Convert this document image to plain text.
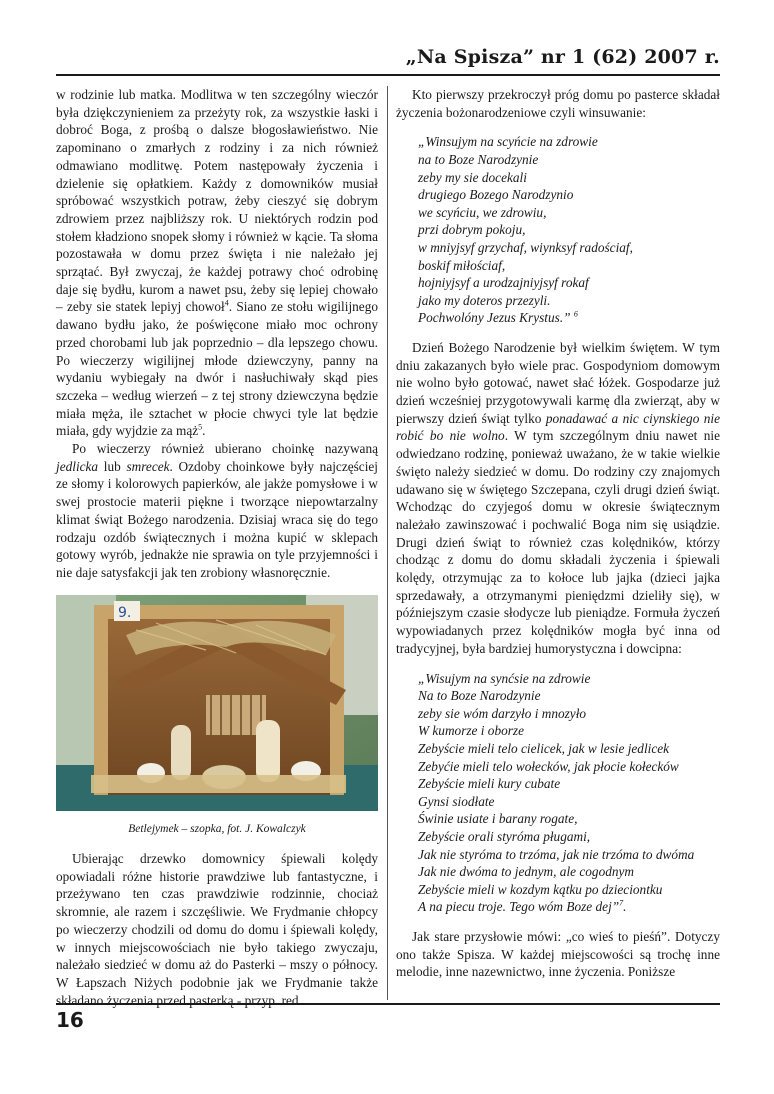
„Na Spisza” nr 1 (62) 2007 r.

w rodzinie lub matka. Modlitwa w ten szczególny wieczór była dziękczynieniem za przeżyty rok, za wszystkie łaski i dobroć Boga, z prośbą o dalsze błogosławieństwo. Nie zapominano o zmarłych z rodziny i za nich również odmawiano modlitwę. Potem następowały życzenia i dzielenie się opłatkiem. Każdy z domowników musiał spróbować wszystkich potraw, żeby cieszyć się dobrym zdrowiem przez najbliższy rok. U niektórych rodzin pod stołem kładziono snopek słomy i również w kącie. Ta słoma pozostawała w domu przez święta i nie należało jej sprzątać. Był zwyczaj, że każdej potrawy choć odrobinę daje się bydłu, kurom a nawet psu, żeby się lepiej chowało – zeby sie statek lepiyj chowoł$^4$. Siano ze stołu wigilijnego dawano bydłu jako, że poświęcone miało moc ochrony przed chorobami lub jak poprzednio – dla lepszego chowu. Po wieczerzy wigilijnej młode dziewczyny, panny na wydaniu wybiegały na dwór i nasłuchiwały skąd pies szczeka – według wierzeń – z tej strony dziewczyna będzie miała męża, ile sztachet w płocie chwyci tyle lat będzie miała, gdy wyjdzie za mąż$^5$.

Po wieczerzy również ubierano choinkę nazywaną jedlicka lub smrecek. Ozdoby choinkowe były najczęściej ze słomy i kolorowych papierków, ale jakże pomysłowe i w swej prostocie materii piękne i tworzące niepowtarzalny klimat świąt Bożego narodzenia. Dzisiaj wraca się do tego rodzaju ozdób świątecznych i można kupić w sklepach gotowy wyrób, jednakże nie sprawia on tyle przyjemności i nie daje satysfakcji jak ten zrobiony własnoręcznie.

9.
Betlejymek – szopka, fot. J. Kowalczyk

Ubierając drzewko domownicy śpiewali kolędy opowiadali różne historie prawdziwe lub fantastyczne, i przeżywano ten czas prawdziwie rodzinnie, chociaż skromnie, ale razem i szczęśliwie. We Frydmanie chłopcy po wieczerzy chodzili od domu do domu i śpiewali kolędy, w innych miejscowościach nie było takiego zwyczaju, należało siedzieć w domu aż do Pasterki – mszy o północy. W Łapszach Niżych podobnie jak we Frydmanie także składano życzenia przed pasterką - przyp. red.

Kto pierwszy przekroczył próg domu po pasterce składał życzenia bożonarodzeniowe czyli winsuwanie:

„Winsujym na scyńcie na zdrowie
na to Boze Narodzynie
zeby my sie docekali
drugiego Bozego Narodzynio
we scyńciu, we zdrowiu,
przi dobrym pokoju,
w mniyjsyf grzychaf, wiynksyf radościaf,
boskif miłościaf,
hojniyjsyf a urodzajniyjsyf rokaf
jako my doteros przezyli.
Pochwolóny Jezus Krystus.” $^6$

Dzień Bożego Narodzenie był wielkim świętem. W tym dniu zakazanych było wiele prac. Gospodyniom domowym nie wolno było gotować, nawet słać łóżek. Gospodarze już dzień wcześniej przygotowywali karmę dla zwierząt, aby w pierwszy dzień świąt tylko ponadawać a nic ciynskiego nie robić bo nie wolno. W tym szczególnym dniu nawet nie odwiedzano rodzinę, ponieważ uważano, że w takie wielkie święto należy siedzieć w domu. Do rodziny czy znajomych udawano się w świętego Szczepana, czyli drugi dzień świąt. Wchodząc do czyjegoś domu w okresie świątecznym należało zawinszować i pochwalić Boga nim się usiądzie. Drugi dzień świąt to również czas kolędników, którzy chodząc z domu do domu składali życzenia i śpiewali kolędy, otrzymując za to kołoce lub jajka (dzieci jajka sprzedawały, a otrzymanymi pieniędzmi dzieliły się), w późniejszym czasie słodycze lub pieniądze. Formuła życzeń wypowiadanych przez kolędników mogła być inna od tradycyjnej, była bardziej humorystyczna i dowcipna:

„Wisujym na synćsie na zdrowie
Na to Boze Narodzynie
zeby sie wóm darzyło i mnozyło
W kumorze i oborze
Zebyście mieli telo cielicek, jak w lesie jedlicek
Zebyćie mieli telo wołecków, jak płocie kołecków
Zebyście mieli kury cubate
Gynsi siodłate
Świnie usiate i barany rogate,
Zebyście orali styróma pługami,
Jak nie styróma to trzóma, jak nie trzóma to dwóma
Jak nie dwóma to jednym, ale cogodnym
Zebyście mieli w kozdym kątku po dzieciontku
A na piecu troje. Tego wóm Boze dej”$^7$.

Jak stare przysłowie mówi: „co wieś to pieśń”. Dotyczy ono także Spisza. W każdej miejscowości są trochę inne melodie, inne nazewnictwo, inne życzenia. Poniższe

16
